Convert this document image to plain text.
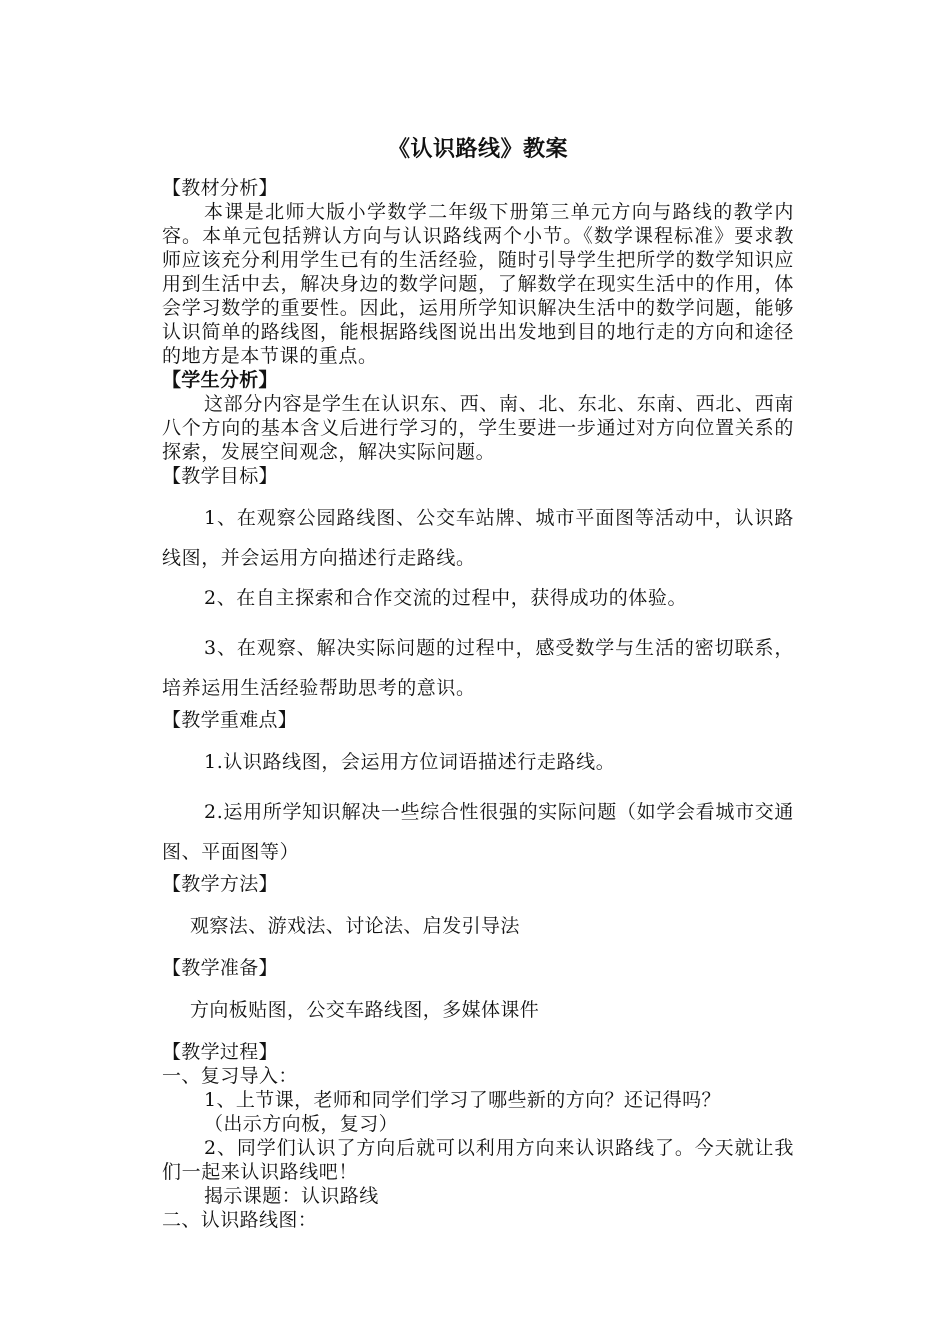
《认识路线》教案

【教材分析】

本课是北师大版小学数学二年级下册第三单元方向与路线的教学内容。本单元包括辨认方向与认识路线两个小节。《数学课程标准》要求教师应该充分利用学生已有的生活经验，随时引导学生把所学的数学知识应用到生活中去，解决身边的数学问题，了解数学在现实生活中的作用，体会学习数学的重要性。因此，运用所学知识解决生活中的数学问题，能够认识简单的路线图，能根据路线图说出出发地到目的地行走的方向和途径的地方是本节课的重点。

【学生分析】

这部分内容是学生在认识东、西、南、北、东北、东南、西北、西南八个方向的基本含义后进行学习的，学生要进一步通过对方向位置关系的探索，发展空间观念，解决实际问题。

【教学目标】

1、在观察公园路线图、公交车站牌、城市平面图等活动中，认识路线图，并会运用方向描述行走路线。

2、在自主探索和合作交流的过程中，获得成功的体验。

3、在观察、解决实际问题的过程中，感受数学与生活的密切联系，培养运用生活经验帮助思考的意识。

【教学重难点】

1.认识路线图，会运用方位词语描述行走路线。

2.运用所学知识解决一些综合性很强的实际问题（如学会看城市交通图、平面图等）

【教学方法】

观察法、游戏法、讨论法、启发引导法

【教学准备】

方向板贴图，公交车路线图，多媒体课件

【教学过程】

一、复习导入：

1、上节课，老师和同学们学习了哪些新的方向？还记得吗？

（出示方向板，复习）

2、同学们认识了方向后就可以利用方向来认识路线了。今天就让我们一起来认识路线吧！

揭示课题：认识路线

二、认识路线图：
